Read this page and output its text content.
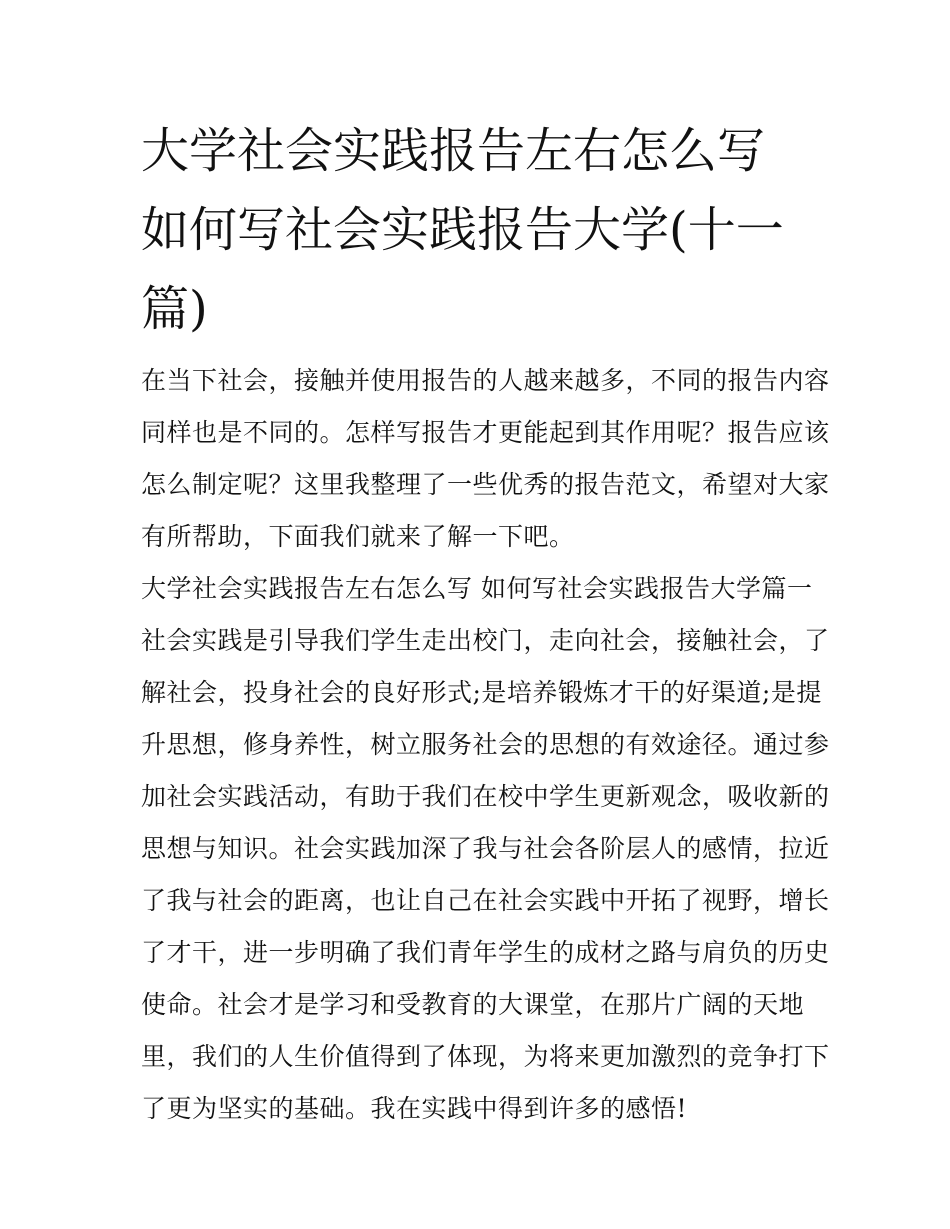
大学社会实践报告左右怎么写
如何写社会实践报告大学(十一
篇)
在当下社会，接触并使用报告的人越来越多，不同的报告内容
同样也是不同的。怎样写报告才更能起到其作用呢？报告应该
怎么制定呢？这里我整理了一些优秀的报告范文，希望对大家
有所帮助，下面我们就来了解一下吧。
大学社会实践报告左右怎么写 如何写社会实践报告大学篇一
社会实践是引导我们学生走出校门，走向社会，接触社会，了
解社会，投身社会的良好形式;是培养锻炼才干的好渠道;是提
升思想，修身养性，树立服务社会的思想的有效途径。通过参
加社会实践活动，有助于我们在校中学生更新观念，吸收新的
思想与知识。社会实践加深了我与社会各阶层人的感情，拉近
了我与社会的距离，也让自己在社会实践中开拓了视野，增长
了才干，进一步明确了我们青年学生的成材之路与肩负的历史
使命。社会才是学习和受教育的大课堂，在那片广阔的天地
里，我们的人生价值得到了体现，为将来更加激烈的竞争打下
了更为坚实的基础。我在实践中得到许多的感悟!
